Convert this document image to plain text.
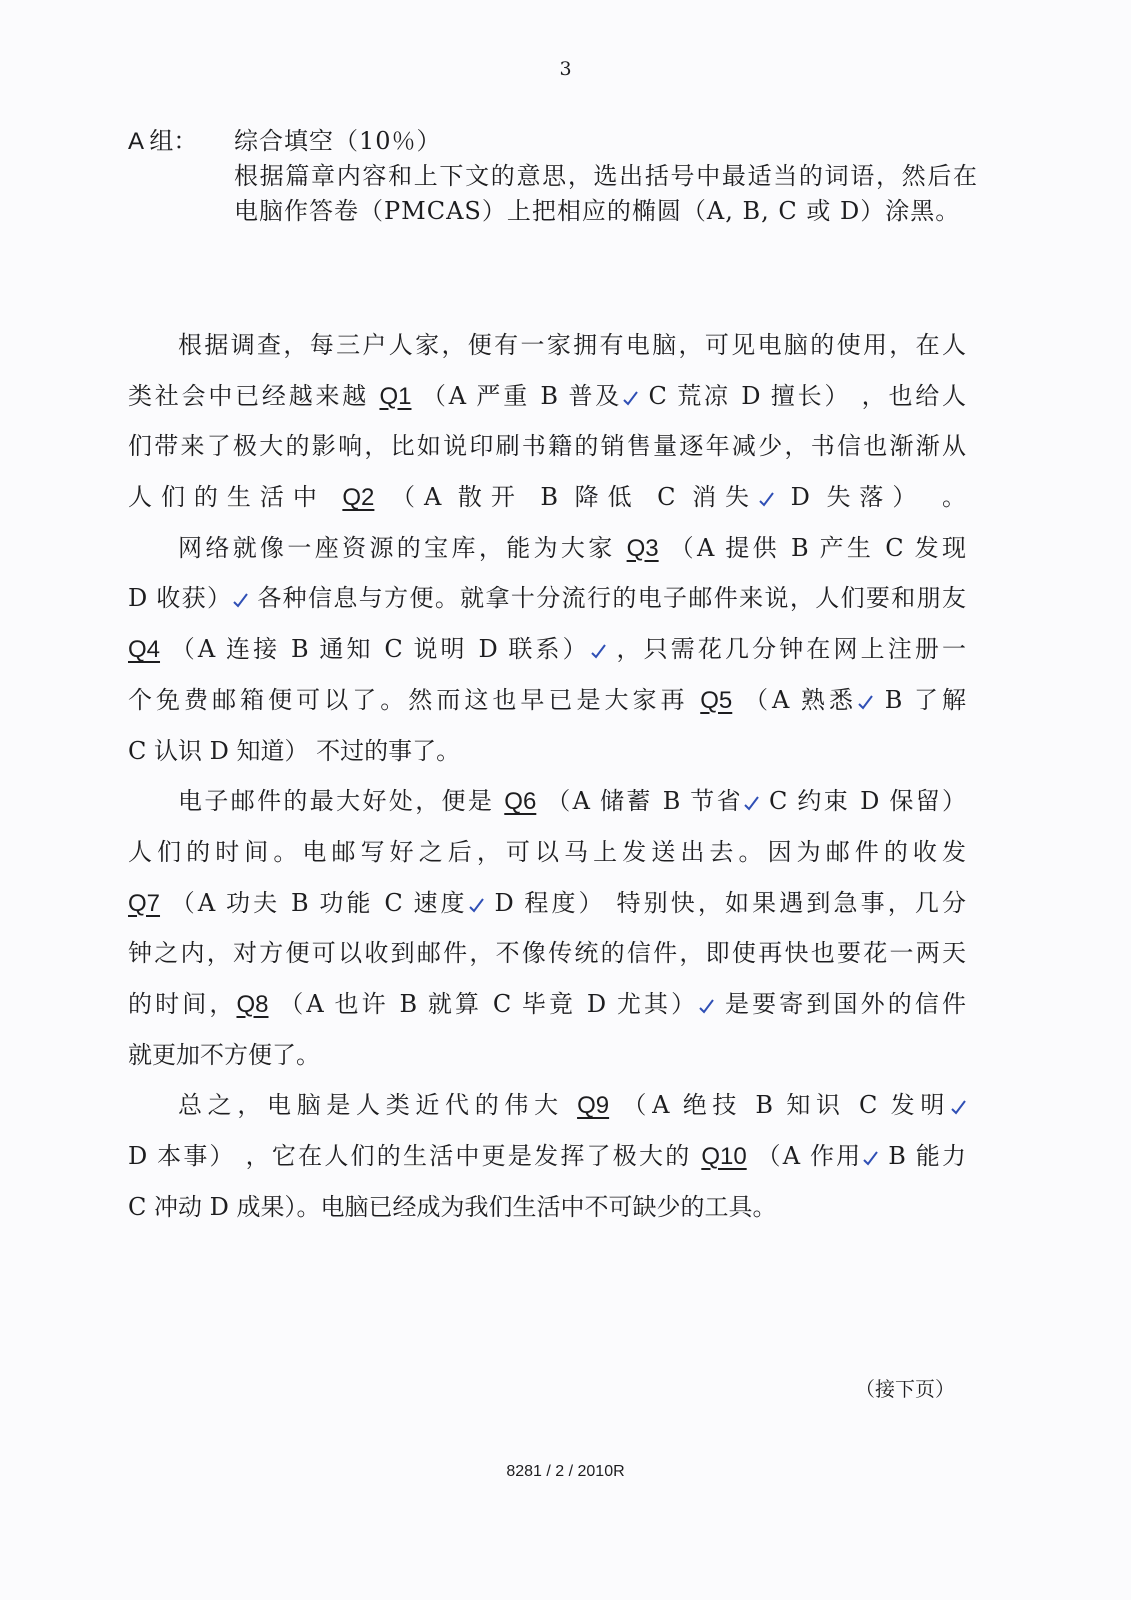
3
A 组： 综合填空（10％）
根据篇章内容和上下文的意思，选出括号中最适当的词语，然后在电脑作答卷（PMCAS）上把相应的椭圆（A, B, C 或 D）涂黑。
根据调查，每三户人家，便有一家拥有电脑，可见电脑的使用，在人
类社会中已经越来越 Q1 （A 严重 B 普及 C 荒凉 D 擅长） ，也给人
们带来了极大的影响，比如说印刷书籍的销售量逐年减少，书信也渐渐从
人们的生活中 Q2 （A 散开 B 降低 C 消失 D 失落） 。
网络就像一座资源的宝库，能为大家 Q3 （A 提供 B 产生 C 发现
D 收获） 各种信息与方便。就拿十分流行的电子邮件来说，人们要和朋友
Q4 （A 连接 B 通知 C 说明 D 联系） ，只需花几分钟在网上注册一
个免费邮箱便可以了。然而这也早已是大家再 Q5 （A 熟悉 B 了解
C 认识 D 知道） 不过的事了。
电子邮件的最大好处，便是 Q6 （A 储蓄 B 节省 C 约束 D 保留）
人们的时间。电邮写好之后，可以马上发送出去。因为邮件的收发
Q7 （A 功夫 B 功能 C 速度 D 程度） 特别快，如果遇到急事，几分
钟之内，对方便可以收到邮件，不像传统的信件，即使再快也要花一两天
的时间，Q8 （A 也许 B 就算 C 毕竟 D 尤其） 是要寄到国外的信件
就更加不方便了。
总之，电脑是人类近代的伟大 Q9 （A 绝技 B 知识 C 发明
D 本事） ，它在人们的生活中更是发挥了极大的 Q10 （A 作用 B 能力
C 冲动 D 成果）。电脑已经成为我们生活中不可缺少的工具。
（接下页）
8281 / 2 / 2010R
